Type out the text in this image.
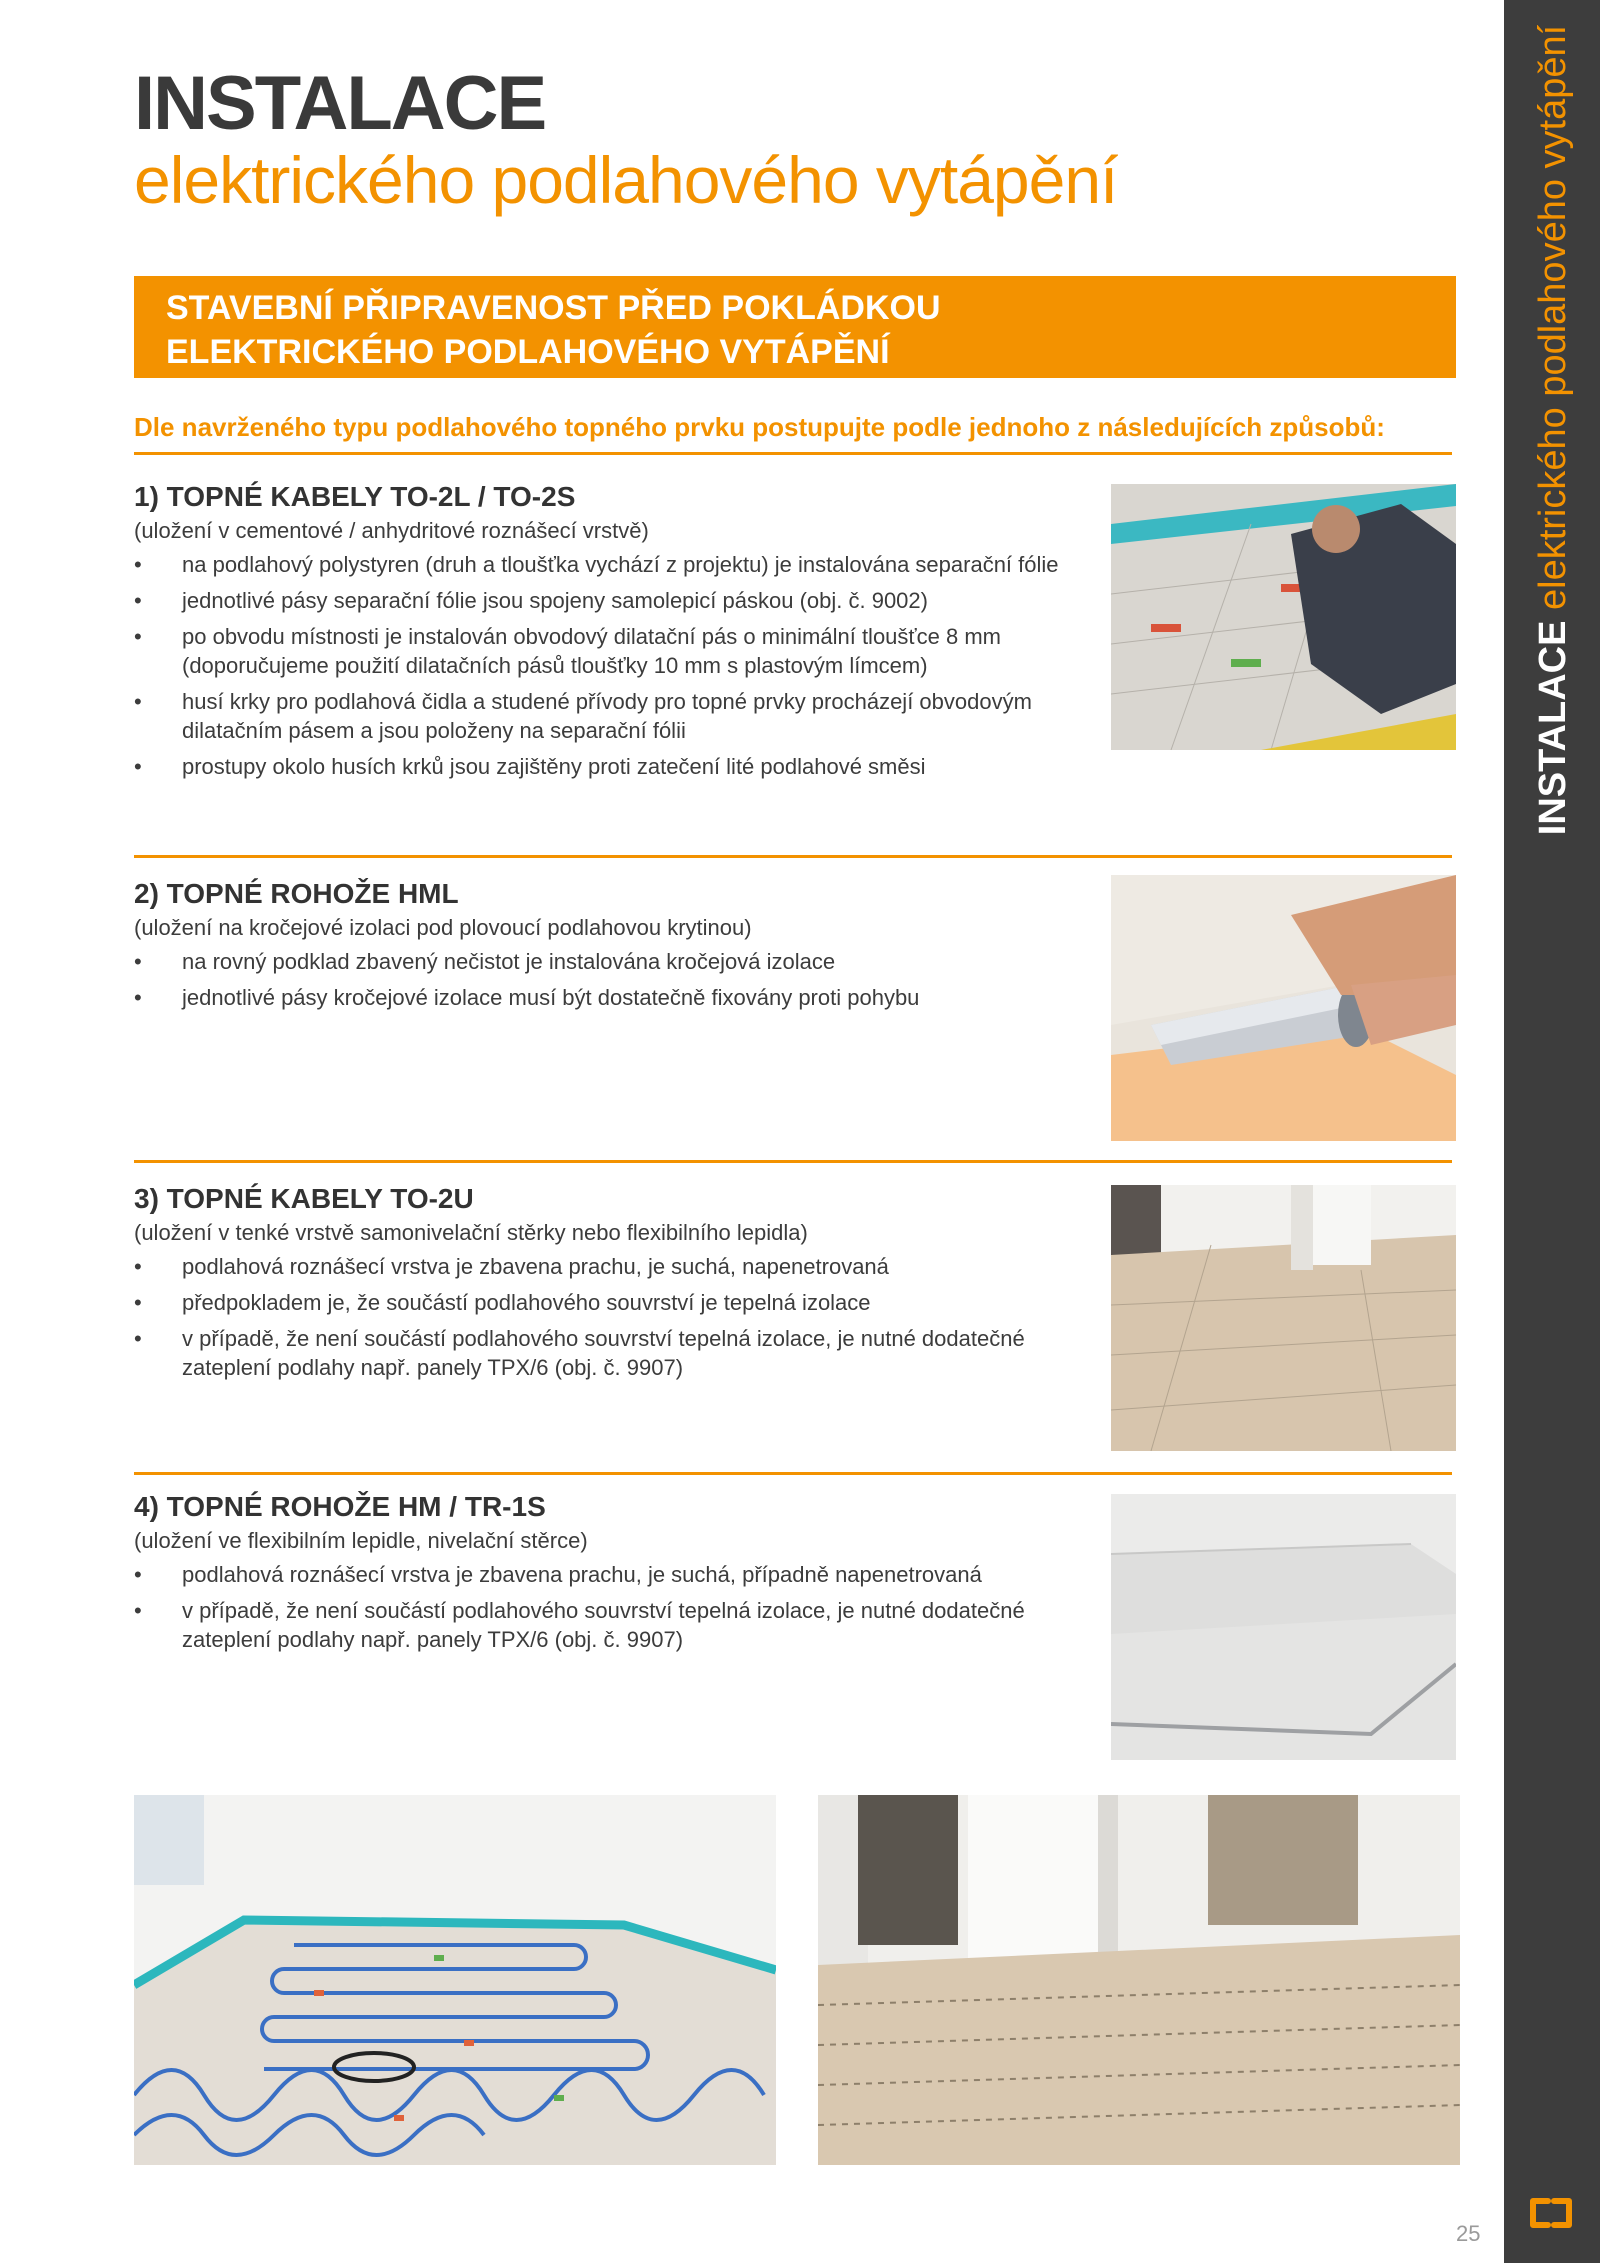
INSTALACE
elektrického podlahového vytápění
STAVEBNÍ PŘIPRAVENOST PŘED POKLÁDKOU
ELEKTRICKÉHO PODLAHOVÉHO VYTÁPĚNÍ

Dle navrženého typu podlahového topného prvku postupujte podle jednoho z následujících způsobů:

1) TOPNÉ KABELY TO-2L / TO-2S

(uložení v cementové / anhydritové roznášecí vrstvě)

• na podlahový polystyren (druh a tloušťka vychází z projektu) je instalována separační fólie
• jednotlivé pásy separační fólie jsou spojeny samolepicí páskou (obj. č. 9002)
• po obvodu místnosti je instalován obvodový dilatační pás o minimální tloušťce 8 mm (doporučujeme použití dilatačních pásů tloušťky 10 mm s plastovým límcem)
• husí krky pro podlahová čidla a studené přívody pro topné prvky procházejí obvodovým dilatačním pásem a jsou položeny na separační fólii
• prostupy okolo husích krků jsou zajištěny proti zatečení lité podlahové směsi
2) TOPNÉ ROHOŽE HML

(uložení na kročejové izolaci pod plovoucí podlahovou krytinou)

• na rovný podklad zbavený nečistot je instalována kročejová izolace
• jednotlivé pásy kročejové izolace musí být dostatečně fixovány proti pohybu
3) TOPNÉ KABELY TO-2U

(uložení v tenké vrstvě samonivelační stěrky nebo flexibilního lepidla)

• podlahová roznášecí vrstva je zbavena prachu, je suchá, napenetrovaná
• předpokladem je, že součástí podlahového souvrství je tepelná izolace
• v případě, že není součástí podlahového souvrství tepelná izolace, je nutné dodatečné zateplení podlahy např. panely TPX/6 (obj. č. 9907)
4) TOPNÉ ROHOŽE HM / TR-1S

(uložení ve flexibilním lepidle, nivelační stěrce)

• podlahová roznášecí vrstva je zbavena prachu, je suchá, případně napenetrovaná
• v případě, že není součástí podlahového souvrství tepelná izolace, je nutné dodatečné zateplení podlahy např. panely TPX/6 (obj. č. 9907)
INSTALACE elektrického podlahového vytápění
25
